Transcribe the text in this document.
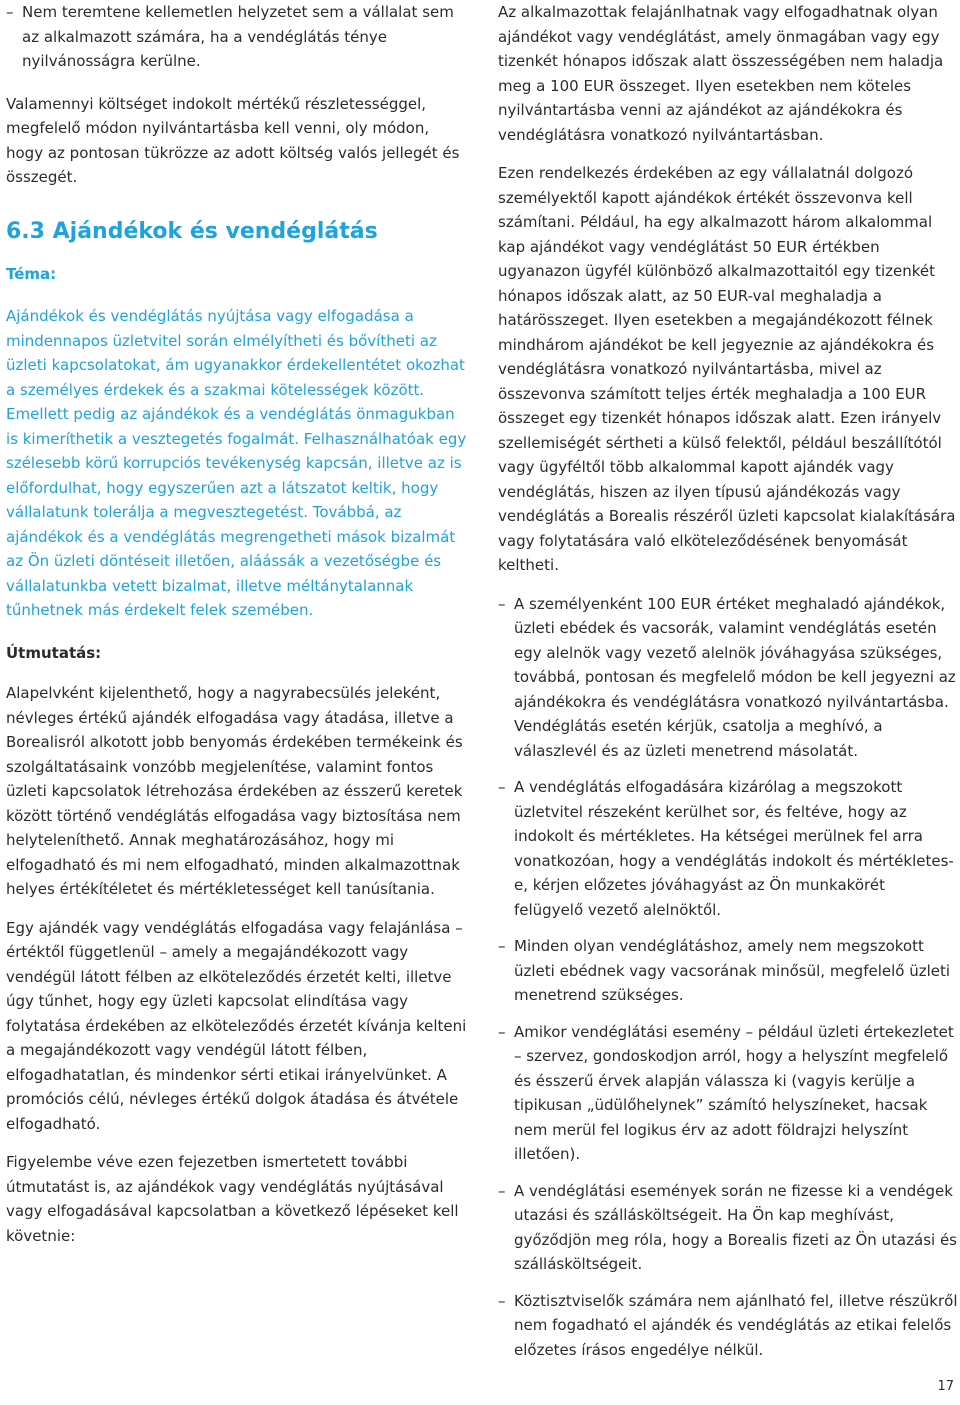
– Nem teremtene kellemetlen helyzetet sem a vállalat sem az alkalmazott számára, ha a vendéglátás ténye nyilvánosságra kerülne.

Valamennyi költséget indokolt mértékű részletességgel, megfelelő módon nyilvántartásba kell venni, oly módon, hogy az pontosan tükrözze az adott költség valós jellegét és összegét.

6.3 Ajándékok és vendéglátás

Téma:

Ajándékok és vendéglátás nyújtása vagy elfogadása a mindennapos üzletvitel során elmélyítheti és bővítheti az üzleti kapcsolatokat, ám ugyanakkor érdekellentétet okozhat a személyes érdekek és a szakmai kötelességek között. Emellett pedig az ajándékok és a vendéglátás önmagukban is kimeríthetik a vesztegetés fogalmát. Felhasználhatóak egy szélesebb körű korrupciós tevékenység kapcsán, illetve az is előfordulhat, hogy egyszerűen azt a látszatot keltik, hogy vállalatunk tolerálja a megvesztegetést. Továbbá, az ajándékok és a vendéglátás megrengetheti mások bizalmát az Ön üzleti döntéseit illetően, aláássák a vezetőségbe és vállalatunkba vetett bizalmat, illetve méltánytalannak tűnhetnek más érdekelt felek szemében.

Útmutatás:

Alapelvként kijelenthető, hogy a nagyrabecsülés jeleként, névleges értékű ajándék elfogadása vagy átadása, illetve a Borealisról alkotott jobb benyomás érdekében termékeink és szolgáltatásaink vonzóbb megjelenítése, valamint fontos üzleti kapcsolatok létrehozása érdekében az ésszerű keretek között történő vendéglátás elfogadása vagy biztosítása nem helyteleníthető. Annak meghatározásához, hogy mi elfogadható és mi nem elfogadható, minden alkalmazottnak helyes értékítéletet és mértékletességet kell tanúsítania.

Egy ajándék vagy vendéglátás elfogadása vagy felajánlása – értéktől függetlenül – amely a megajándékozott vagy vendégül látott félben az elköteleződés érzetét kelti, illetve úgy tűnhet, hogy egy üzleti kapcsolat elindítása vagy folytatása érdekében az elköteleződés érzetét kívánja kelteni a megajándékozott vagy vendégül látott félben, elfogadhatatlan, és mindenkor sérti etikai irányelvünket. A promóciós célú, névleges értékű dolgok átadása és átvétele elfogadható.

Figyelembe véve ezen fejezetben ismertetett további útmutatást is, az ajándékok vagy vendéglátás nyújtásával vagy elfogadásával kapcsolatban a következő lépéseket kell követnie:

Az alkalmazottak felajánlhatnak vagy elfogadhatnak olyan ajándékot vagy vendéglátást, amely önmagában vagy egy tizenkét hónapos időszak alatt összességében nem haladja meg a 100 EUR összeget. Ilyen esetekben nem köteles nyilvántartásba venni az ajándékot az ajándékokra és vendéglátásra vonatkozó nyilvántartásban.

Ezen rendelkezés érdekében az egy vállalatnál dolgozó személyektől kapott ajándékok értékét összevonva kell számítani. Például, ha egy alkalmazott három alkalommal kap ajándékot vagy vendéglátást 50 EUR értékben ugyanazon ügyfél különböző alkalmazottaitól egy tizenkét hónapos időszak alatt, az 50 EUR-val meghaladja a határösszeget. Ilyen esetekben a megajándékozott félnek mindhárom ajándékot be kell jegyeznie az ajándékokra és vendéglátásra vonatkozó nyilvántartásba, mivel az összevonva számított teljes érték meghaladja a 100 EUR összeget egy tizenkét hónapos időszak alatt. Ezen irányelv szellemiségét sértheti a külső felektől, például beszállítótól vagy ügyféltől több alkalommal kapott ajándék vagy vendéglátás, hiszen az ilyen típusú ajándékozás vagy vendéglátás a Borealis részéről üzleti kapcsolat kialakítására vagy folytatására való elköteleződésének benyomását keltheti.

– A személyenként 100 EUR értéket meghaladó ajándékok, üzleti ebédek és vacsorák, valamint vendéglátás esetén egy alelnök vagy vezető alelnök jóváhagyása szükséges, továbbá, pontosan és megfelelő módon be kell jegyezni az ajándékokra és vendéglátásra vonatkozó nyilvántartásba. Vendéglátás esetén kérjük, csatolja a meghívó, a válaszlevél és az üzleti menetrend másolatát.
– A vendéglátás elfogadására kizárólag a megszokott üzletvitel részeként kerülhet sor, és feltéve, hogy az indokolt és mértékletes. Ha kétségei merülnek fel arra vonatkozóan, hogy a vendéglátás indokolt és mértékletes-e, kérjen előzetes jóváhagyást az Ön munkakörét felügyelő vezető alelnöktől.
– Minden olyan vendéglátáshoz, amely nem megszokott üzleti ebédnek vagy vacsorának minősül, megfelelő üzleti menetrend szükséges.
– Amikor vendéglátási esemény – például üzleti értekezletet – szervez, gondoskodjon arról, hogy a helyszínt megfelelő és ésszerű érvek alapján válassza ki (vagyis kerülje a tipikusan „üdülőhelynek” számító helyszíneket, hacsak nem merül fel logikus érv az adott földrajzi helyszínt illetően).
– A vendéglátási események során ne fizesse ki a vendégek utazási és szállásköltségeit. Ha Ön kap meghívást, győződjön meg róla, hogy a Borealis fizeti az Ön utazási és szállásköltségeit.
– Köztisztviselők számára nem ajánlható fel, illetve részükről nem fogadható el ajándék és vendéglátás az etikai felelős előzetes írásos engedélye nélkül.
17
